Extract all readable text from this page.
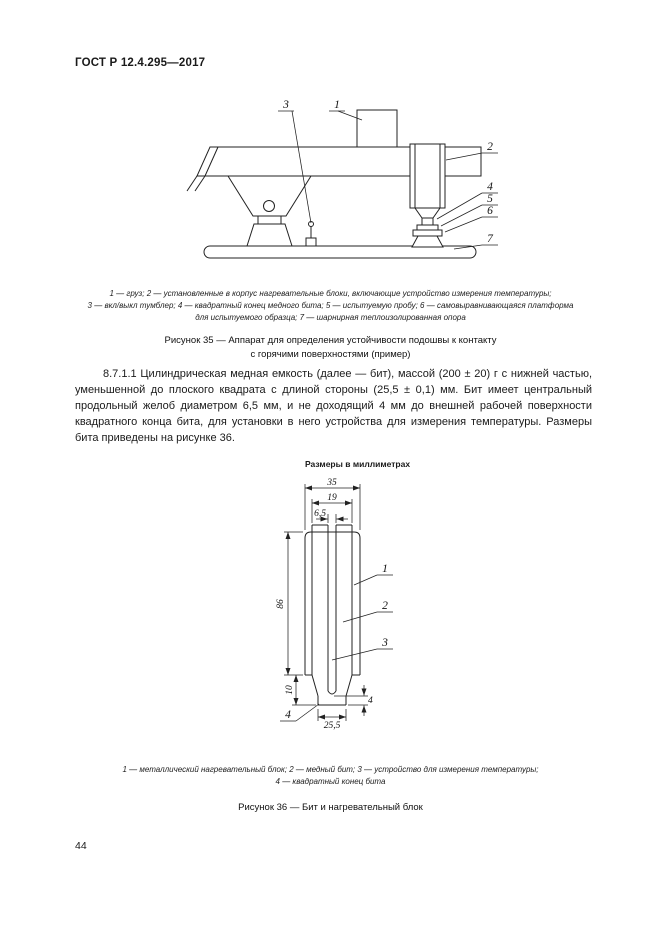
ГОСТ Р 12.4.295—2017
3	1
2
4
5
6
7
1 — груз; 2 — установленные в корпус нагревательные блоки, включающие устройство измерения температуры;
3 — вкл/выкл тумблер; 4 — квадратный конец медного бита; 5 — испытуемую пробу; 6 — самовыравнивающаяся платформа
для испытуемого образца; 7 — шарнирная теплоизолированная опора
Рисунок 35 — Аппарат для определения устойчивости подошвы к контакту
с горячими поверхностями (пример)

8.7.1.1 Цилиндрическая медная емкость (далее — бит), массой (200 ± 20) г с нижней частью, уменьшенной до плоского квадрата с длиной стороны (25,5 ± 0,1) мм. Бит имеет центральный продольный желоб диаметром 6,5 мм, и не доходящий 4 мм до внешней рабочей поверхности квадратного конца бита, для установки в него устройства для измерения температуры. Размеры бита приведены на рисунке 36.

Размеры в миллиметрах
35
19
6,5
86
10
25,5
4
1
2
3
4
1 — металлический нагревательный блок; 2 — медный бит; 3 — устройство для измерения температуры;
4 — квадратный конец бита
Рисунок 36 — Бит и нагревательный блок
44
